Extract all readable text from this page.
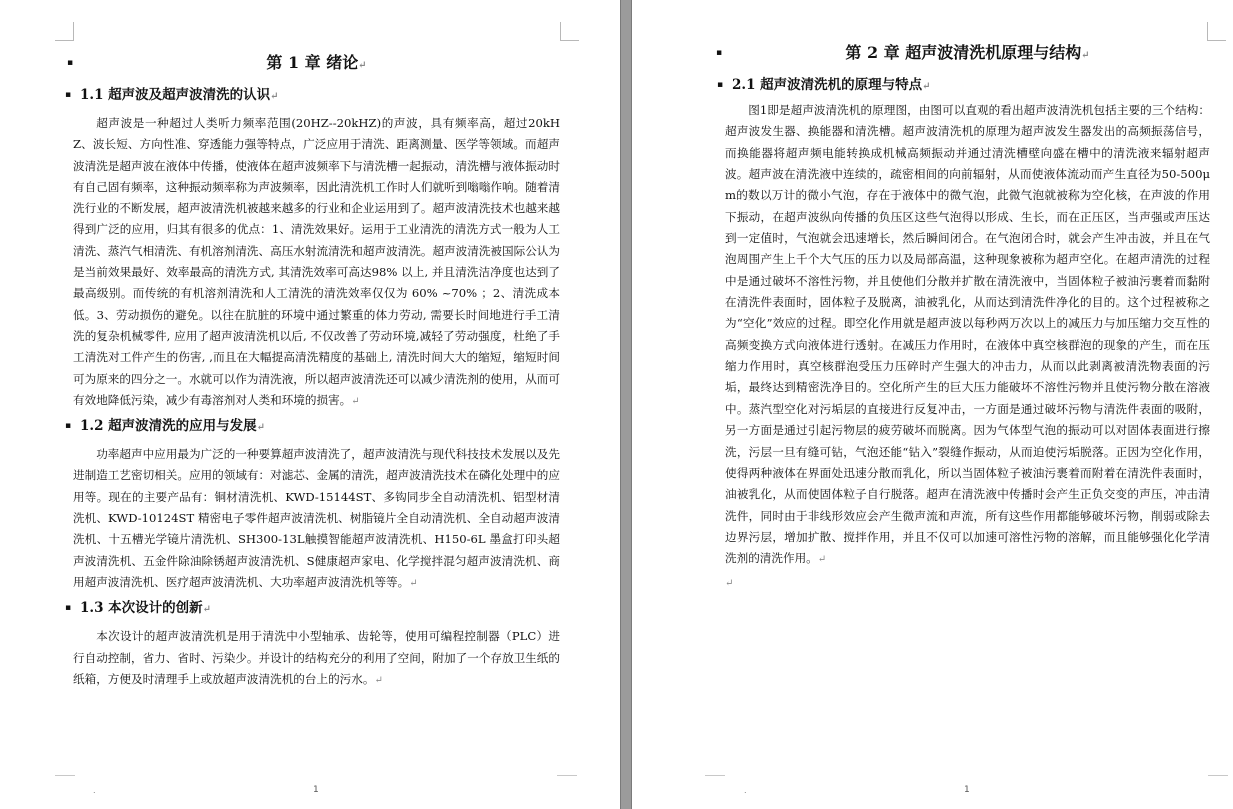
▪	第 1 章 绪论↵
▪ 1.1 超声波及超声波清洗的认识↵

超声波是一种超过人类听力频率范围(20HZ--20kHZ)的声波，具有频率高，超过20kHZ、波长短、方向性准、穿透能力强等特点，广泛应用于清洗、距离测量、医学等领域。而超声波清洗是超声波在液体中传播，使液体在超声波频率下与清洗槽一起振动，清洗槽与液体振动时有自己固有频率，这种振动频率称为声波频率，因此清洗机工作时人们就听到嗡嗡作响。随着清洗行业的不断发展，超声波清洗机被越来越多的行业和企业运用到了。超声波清洗技术也越来越得到广泛的应用，归其有很多的优点：1、清洗效果好。运用于工业清洗的清洗方式一般为人工清洗、蒸汽气相清洗、有机溶剂清洗、高压水射流清洗和超声波清洗。超声波清洗被国际公认为是当前效果最好、效率最高的清洗方式, 其清洗效率可高达98% 以上, 并且清洗洁净度也达到了最高级别。而传统的有机溶剂清洗和人工清洗的清洗效率仅仅为 60% ~70% ；2、清洗成本低。3、劳动损伤的避免。以往在肮脏的环境中通过繁重的体力劳动, 需要长时间地进行手工清洗的复杂机械零件, 应用了超声波清洗机以后, 不仅改善了劳动环境,减轻了劳动强度，杜绝了手工清洗对工件产生的伤害, ,而且在大幅提高清洗精度的基础上, 清洗时间大大的缩短，缩短时间可为原来的四分之一。水就可以作为清洗液，所以超声波清洗还可以减少清洗剂的使用，从而可有效地降低污染，减少有毒溶剂对人类和环境的损害。↵

▪ 1.2 超声波清洗的应用与发展↵

功率超声中应用最为广泛的一种要算超声波清洗了，超声波清洗与现代科技技术发展以及先进制造工艺密切相关。应用的领域有：对滤芯、金属的清洗，超声波清洗技术在磷化处理中的应用等。现在的主要产品有：铜材清洗机、KWD-15144ST、多钩同步全自动清洗机、铝型材清洗机、KWD-10124ST 精密电子零件超声波清洗机、树脂镜片全自动清洗机、全自动超声波清洗机、十五槽光学镜片清洗机、SH300-13L触摸智能超声波清洗机、H150-6L 墨盒打印头超声波清洗机、五金件除油除锈超声波清洗机、S健康超声家电、化学搅拌混匀超声波清洗机、商用超声波清洗机、医疗超声波清洗机、大功率超声波清洗机等等。↵

▪ 1.3 本次设计的创新↵

本次设计的超声波清洗机是用于清洗中小型轴承、齿轮等，使用可编程控制器（PLC）进行自动控制，省力、省时、污染少。并设计的结构充分的利用了空间，附加了一个存放卫生纸的纸箱，方便及时清理手上或放超声波清洗机的台上的污水。↵

.	1
▪	第 2 章 超声波清洗机原理与结构↵
▪ 2.1 超声波清洗机的原理与特点↵

图1即是超声波清洗机的原理图，由图可以直观的看出超声波清洗机包括主要的三个结构：超声波发生器、换能器和清洗槽。超声波清洗机的原理为超声波发生器发出的高频振荡信号，而换能器将超声频电能转换成机械高频振动并通过清洗槽壁向盛在槽中的清洗液来辐射超声波。超声波在清洗液中连续的，疏密相间的向前辐射，从而使液体流动而产生直径为50-500μm的数以万计的微小气泡，存在于液体中的微气泡，此微气泡就被称为空化核，在声波的作用下振动，在超声波纵向传播的负压区这些气泡得以形成、生长，而在正压区，当声强或声压达到一定值时，气泡就会迅速增长，然后瞬间闭合。在气泡闭合时，就会产生冲击波，并且在气泡周围产生上千个大气压的压力以及局部高温，这种现象被称为超声空化。在超声清洗的过程中是通过破坏不溶性污物，并且使他们分散并扩散在清洗液中，当固体粒子被油污裹着而黏附在清洗件表面时，固体粒子及脱离，油被乳化，从而达到清洗件净化的目的。这个过程被称之为“空化”效应的过程。即空化作用就是超声波以每秒两万次以上的减压力与加压缩力交互性的高频变换方式向液体进行透射。在减压力作用时，在液体中真空核群泡的现象的产生，而在压缩力作用时，真空核群泡受压力压碎时产生强大的冲击力，从而以此剥离被清洗物表面的污垢，最终达到精密洗净目的。空化所产生的巨大压力能破坏不溶性污物并且使污物分散在溶液中。蒸汽型空化对污垢层的直接进行反复冲击，一方面是通过破坏污物与清洗件表面的吸附，另一方面是通过引起污物层的疲劳破坏而脱离。因为气体型气泡的振动可以对固体表面进行擦洗，污层一旦有缝可钻，气泡还能“钻入”裂缝作振动，从而迫使污垢脱落。正因为空化作用，使得两种液体在界面处迅速分散而乳化，所以当固体粒子被油污裹着而附着在清洗件表面时，油被乳化，从而使固体粒子自行脱落。超声在清洗液中传播时会产生正负交变的声压，冲击清洗件，同时由于非线形效应会产生微声流和声流，所有这些作用都能够破坏污物，削弱或除去边界污层，增加扩散、搅拌作用，并且不仅可以加速可溶性污物的溶解，而且能够强化化学清洗剂的清洗作用。↵

↵
.	1
